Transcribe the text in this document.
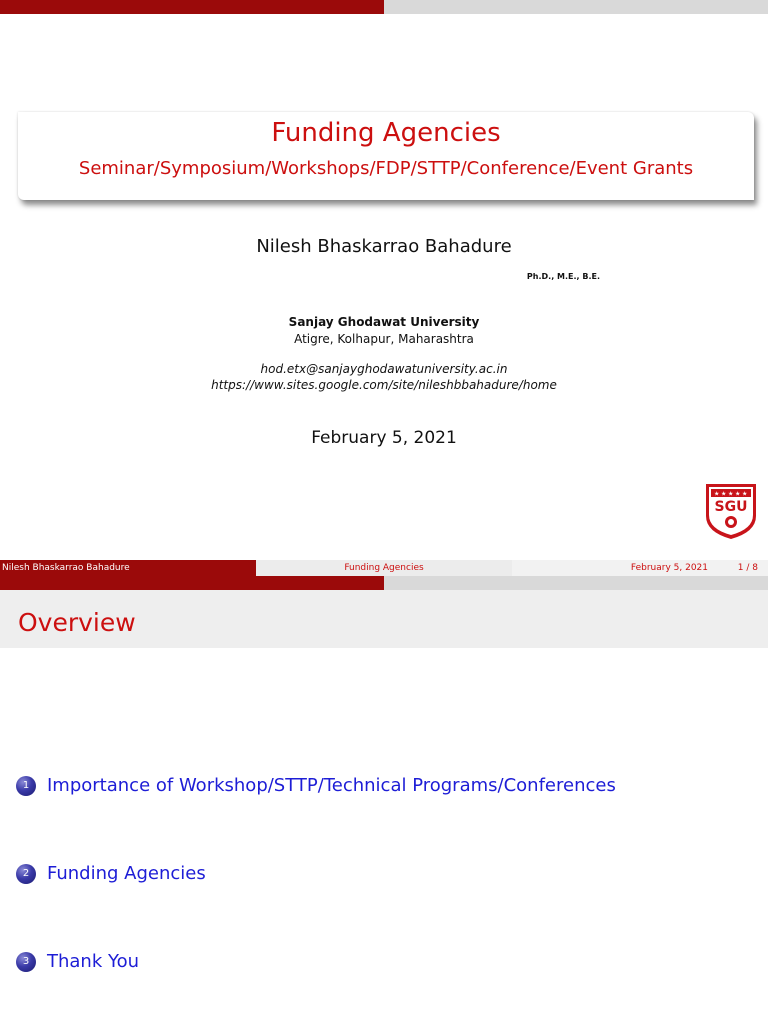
Funding Agencies
Seminar/Symposium/Workshops/FDP/STTP/Conference/Event Grants
Nilesh Bhaskarrao Bahadure
Ph.D., M.E., B.E.
Sanjay Ghodawat University
Atigre, Kolhapur, Maharashtra
hod.etx@sanjayghodawatuniversity.ac.in
https://www.sites.google.com/site/nileshbbahadure/home
February 5, 2021
★ ★ ★ ★ ★
SGU
Nilesh Bhaskarrao Bahadure	Funding Agencies	February 5, 2021	1 / 8
Overview
1 Importance of Workshop/STTP/Technical Programs/Conferences
2 Funding Agencies
3 Thank You
